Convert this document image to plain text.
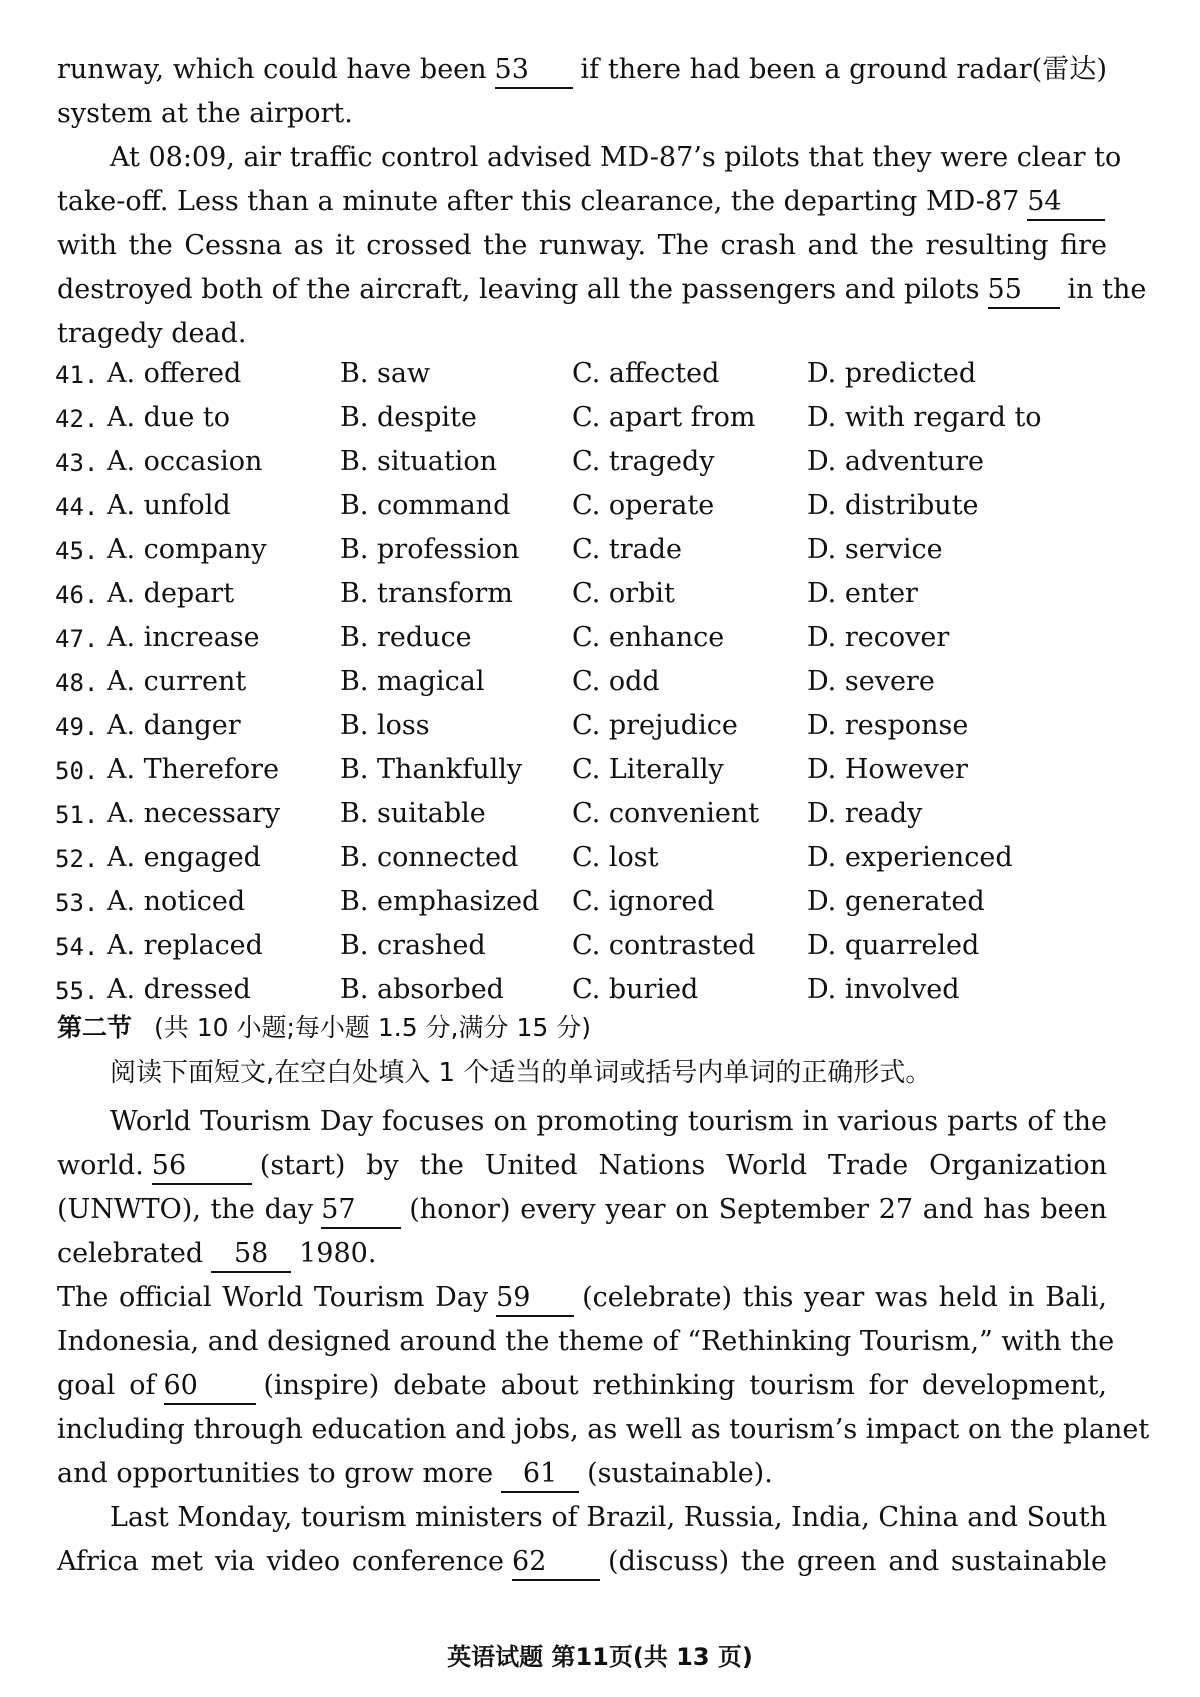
runway, which could have been 53 if there had been a ground radar(雷达)
system at the airport.
At 08:09, air traffic control advised MD-87’s pilots that they were clear to
take-off. Less than a minute after this clearance, the departing MD-87 54
with the Cessna as it crossed the runway. The crash and the resulting fire
destroyed both of the aircraft, leaving all the passengers and pilots 55 in the
tragedy dead.
41. A. offered	B. saw	C. affected	D. predicted
42. A. due to	B. despite	C. apart from D. with regard to
43. A. occasion	B. situation	C. tragedy	D. adventure
44. A. unfold	B. command C. operate	D. distribute
45. A. company	B. profession C. trade	D. service
46. A. depart	B. transform C. orbit	D. enter
47. A. increase	B. reduce	C. enhance	D. recover
48. A. current	B. magical	C. odd	D. severe
49. A. danger	B. loss	C. prejudice	D. response
50. A. Therefore B. Thankfully C. Literally	D. However
51. A. necessary B. suitable	C. convenient D. ready
52. A. engaged	B. connected C. lost	D. experienced
53. A. noticed	B. emphasized C. ignored	D. generated
54. A. replaced	B. crashed	C. contrasted D. quarreled
55. A. dressed	B. absorbed	C. buried	D. involved
第二节 (共 10 小题;每小题 1.5 分,满分 15 分)
阅读下面短文,在空白处填入 1 个适当的单词或括号内单词的正确形式。
World Tourism Day focuses on promoting tourism in various parts of the
world. 56	(start) by the United Nations World Trade Organization
(UNWTO), the day 57 (honor) every year on September 27 and has been
celebrated 58 1980.
The official World Tourism Day 59 (celebrate) this year was held in Bali,
Indonesia, and designed around the theme of “Rethinking Tourism,” with the
goal of 60 (inspire) debate about rethinking tourism for development,
including through education and jobs, as well as tourism’s impact on the planet
and opportunities to grow more 61 (sustainable).
Last Monday, tourism ministers of Brazil, Russia, India, China and South
Africa met via video conference 62 (discuss) the green and sustainable
英语试题 第11页(共 13 页)
